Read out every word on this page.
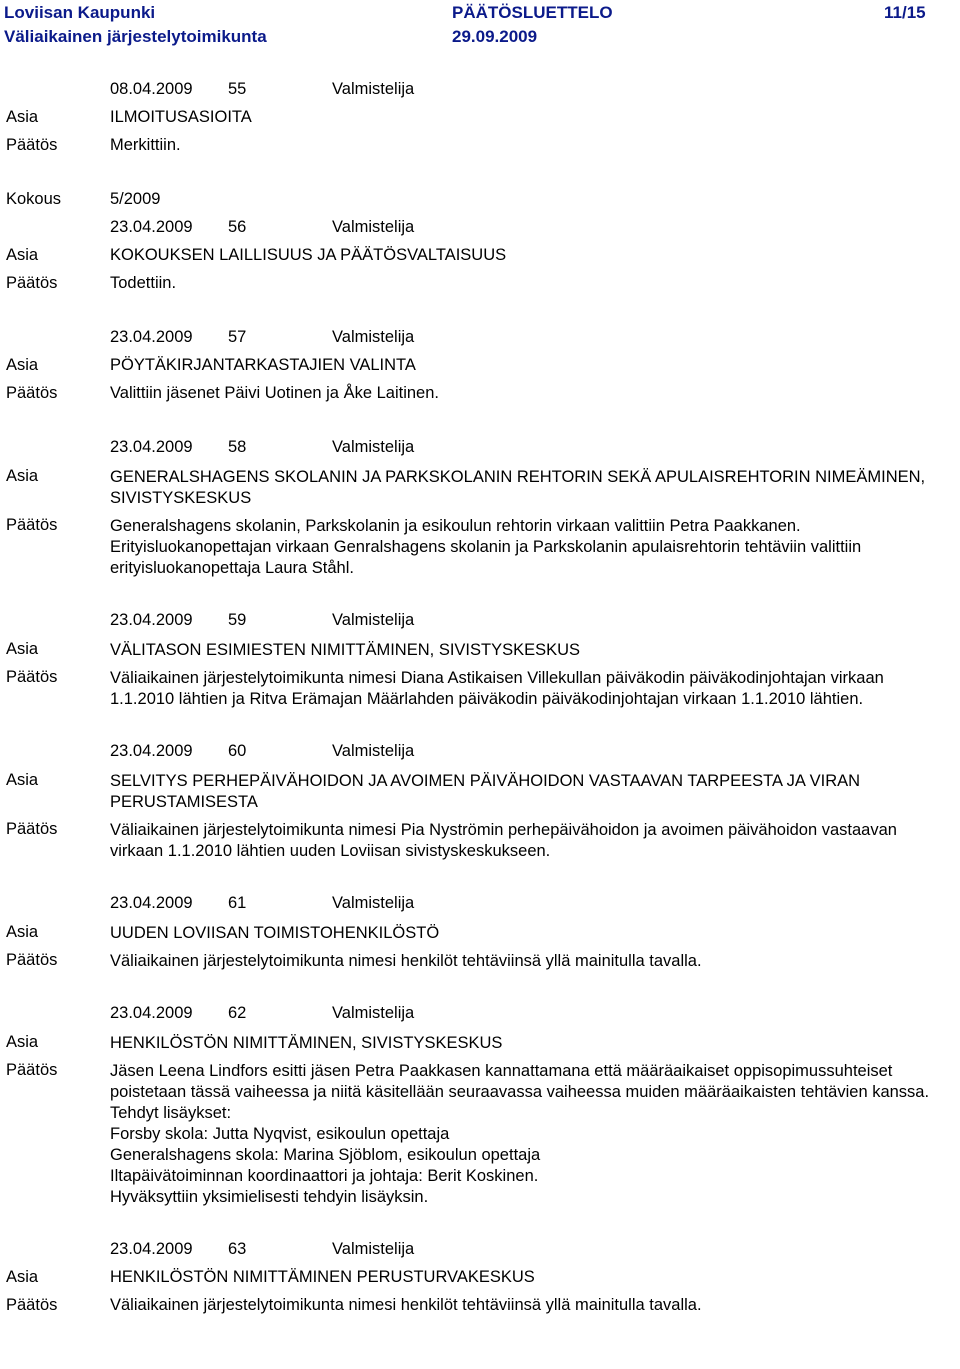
Loviisan Kaupunki	PÄÄTÖSLUETTELO	11/15
Väliaikainen järjestelytoimikunta	29.09.2009
08.04.2009 55	Valmistelija
Asia	ILMOITUSASIOITA
Päätös	Merkittiin.
Kokous	5/2009
23.04.2009 56	Valmistelija
Asia	KOKOUKSEN LAILLISUUS JA PÄÄTÖSVALTAISUUS
Päätös	Todettiin.
23.04.2009 57	Valmistelija
Asia	PÖYTÄKIRJANTARKASTAJIEN VALINTA
Päätös	Valittiin jäsenet Päivi Uotinen ja Åke Laitinen.
23.04.2009 58	Valmistelija
Asia	GENERALSHAGENS SKOLANIN JA PARKSKOLANIN REHTORIN SEKÄ APULAISREHTORIN NIMEÄMINEN, SIVISTYSKESKUS
Päätös	Generalshagens skolanin, Parkskolanin ja esikoulun rehtorin virkaan valittiin Petra Paakkanen. Erityisluokanopettajan virkaan Genralshagens skolanin ja Parkskolanin apulaisrehtorin tehtäviin valittiin erityisluokanopettaja Laura Ståhl.
23.04.2009 59	Valmistelija
Asia	VÄLITASON ESIMIESTEN NIMITTÄMINEN, SIVISTYSKESKUS
Päätös	Väliaikainen järjestelytoimikunta nimesi Diana Astikaisen Villekullan päiväkodin päiväkodinjohtajan virkaan 1.1.2010 lähtien ja Ritva Erämajan Määrlahden päiväkodin päiväkodinjohtajan virkaan 1.1.2010 lähtien.
23.04.2009 60	Valmistelija
Asia	SELVITYS PERHEPÄIVÄHOIDON JA AVOIMEN PÄIVÄHOIDON VASTAAVAN TARPEESTA JA VIRAN PERUSTAMISESTA
Päätös	Väliaikainen järjestelytoimikunta nimesi Pia Nyströmin perhepäivähoidon ja avoimen päivähoidon vastaavan virkaan 1.1.2010 lähtien uuden Loviisan sivistyskeskukseen.
23.04.2009 61	Valmistelija
Asia	UUDEN LOVIISAN TOIMISTOHENKILÖSTÖ
Päätös	Väliaikainen järjestelytoimikunta nimesi henkilöt tehtäviinsä yllä mainitulla tavalla.
23.04.2009 62	Valmistelija
Asia	HENKILÖSTÖN NIMITTÄMINEN, SIVISTYSKESKUS
Päätös	Jäsen Leena Lindfors esitti jäsen Petra Paakkasen kannattamana että määräaikaiset oppisopimussuhteiset poistetaan tässä vaiheessa ja niitä käsitellään seuraavassa vaiheessa muiden määräaikaisten tehtävien kanssa.
Tehdyt lisäykset:
Forsby skola: Jutta Nyqvist, esikoulun opettaja
Generalshagens skola: Marina Sjöblom, esikoulun opettaja
Iltapäivätoiminnan koordinaattori ja johtaja: Berit Koskinen.
Hyväksyttiin yksimielisesti tehdyin lisäyksin.
23.04.2009 63	Valmistelija
Asia	HENKILÖSTÖN NIMITTÄMINEN PERUSTURVAKESKUS
Päätös	Väliaikainen järjestelytoimikunta nimesi henkilöt tehtäviinsä yllä mainitulla tavalla.
